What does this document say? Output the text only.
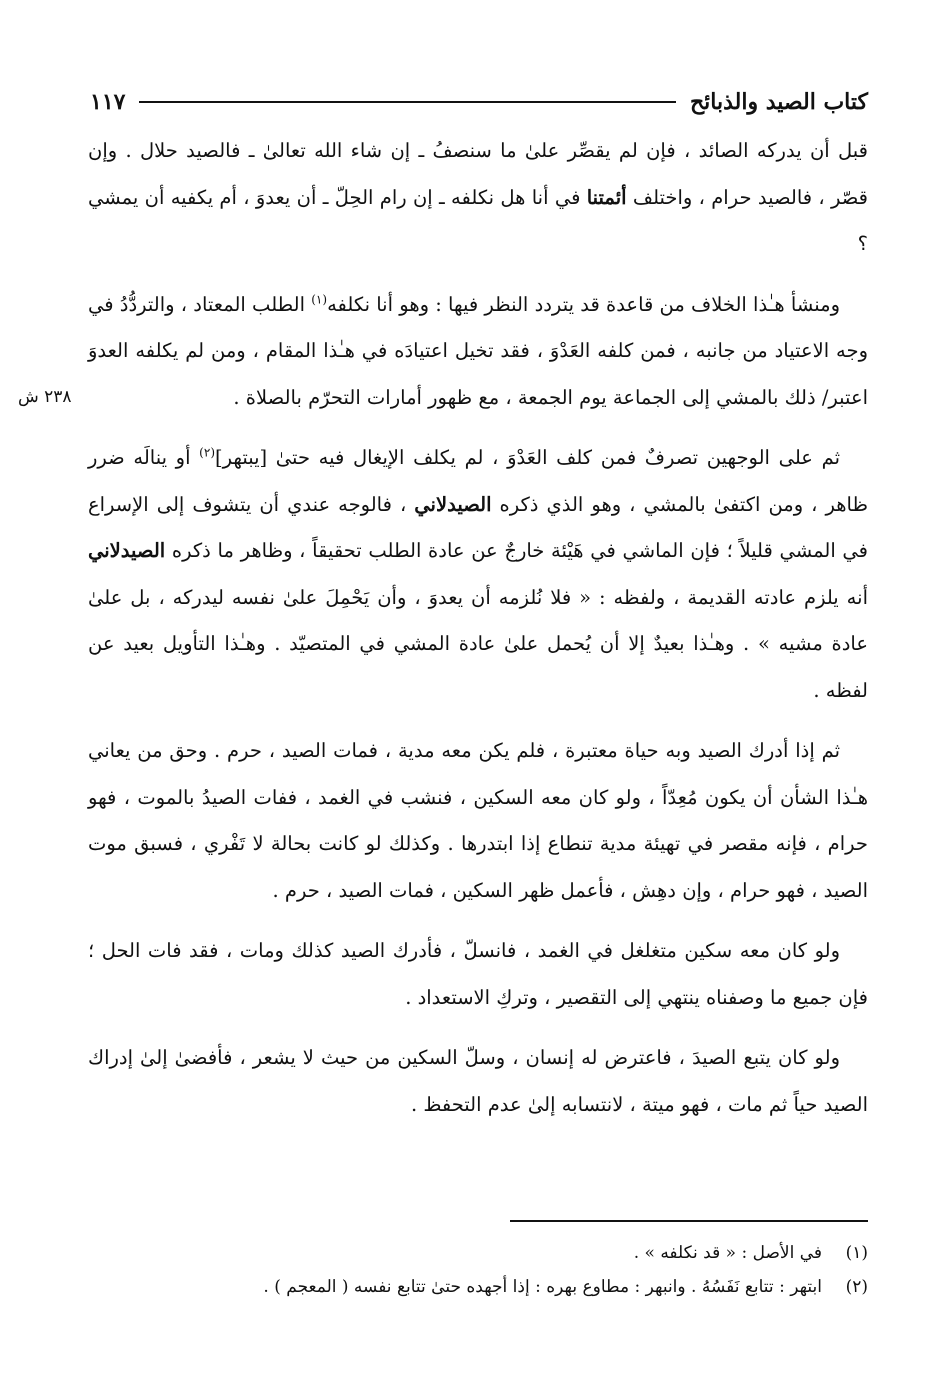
كتاب الصيد والذبائح
١١٧
٢٣٨ ش

قبل أن يدركه الصائد ، فإن لم يقصِّر علىٰ ما سنصفُ ـ إن شاء الله تعالىٰ ـ فالصيد حلال . وإن قصّر ، فالصيد حرام ، واختلف أئمتنا في أنا هل نكلفه ـ إن رام الحِلّ ـ أن يعدوَ ، أم يكفيه أن يمشي ؟

ومنشأ هـٰذا الخلاف من قاعدة قد يتردد النظر فيها : وهو أنا نكلفه$^{(١)}$ الطلب المعتاد ، والتردُّدُ في وجه الاعتياد من جانبه ، فمن كلفه العَدْوَ ، فقد تخيل اعتيادَه في هـٰذا المقام ، ومن لم يكلفه العدوَ اعتبر/ ذلك بالمشي إلى الجماعة يوم الجمعة ، مع ظهور أمارات التحرّم بالصلاة .

ثم على الوجهين تصرفٌ فمن كلف العَدْوَ ، لم يكلف الإيغال فيه حتىٰ [يبتهر]$^{(٢)}$ أو ينالَه ضرر ظاهر ، ومن اكتفىٰ بالمشي ، وهو الذي ذكره الصيدلاني ، فالوجه عندي أن يتشوف إلى الإسراع في المشي قليلاً ؛ فإن الماشي في هَيْئة خارجٌ عن عادة الطلب تحقيقاً ، وظاهر ما ذكره الصيدلاني أنه يلزم عادته القديمة ، ولفظه : « فلا نُلزمه أن يعدوَ ، وأن يَحْمِلَ علىٰ نفسه ليدركه ، بل علىٰ عادة مشيه » . وهـٰذا بعيدٌ إلا أن يُحمل علىٰ عادة المشي في المتصيّد . وهـٰذا التأويل بعيد عن لفظه .

ثم إذا أدرك الصيد وبه حياة معتبرة ، فلم يكن معه مدية ، فمات الصيد ، حرم . وحق من يعاني هـٰذا الشأن أن يكون مُعِدّاً ، ولو كان معه السكين ، فنشب في الغمد ، ففات الصيدُ بالموت ، فهو حرام ، فإنه مقصر في تهيئة مدية تنطاع إذا ابتدرها . وكذلك لو كانت بحالة لا تَفْري ، فسبق موت الصيد ، فهو حرام ، وإن دهِش ، فأعمل ظهر السكين ، فمات الصيد ، حرم .

ولو كان معه سكين متغلغل في الغمد ، فانسلّ ، فأدرك الصيد كذلك ومات ، فقد فات الحل ؛ فإن جميع ما وصفناه ينتهي إلى التقصير ، وتركِ الاستعداد .

ولو كان يتبع الصيدَ ، فاعترض له إنسان ، وسلّ السكين من حيث لا يشعر ، فأفضىٰ إلىٰ إدراك الصيد حياً ثم مات ، فهو ميتة ، لانتسابه إلىٰ عدم التحفظ .

(١)
في الأصل : « قد نكلفه » .
(٢)
ابتهر : تتابع نَفَسُهُ . وانبهر : مطاوع بهره : إذا أجهده حتىٰ تتابع نفسه ( المعجم ) .
